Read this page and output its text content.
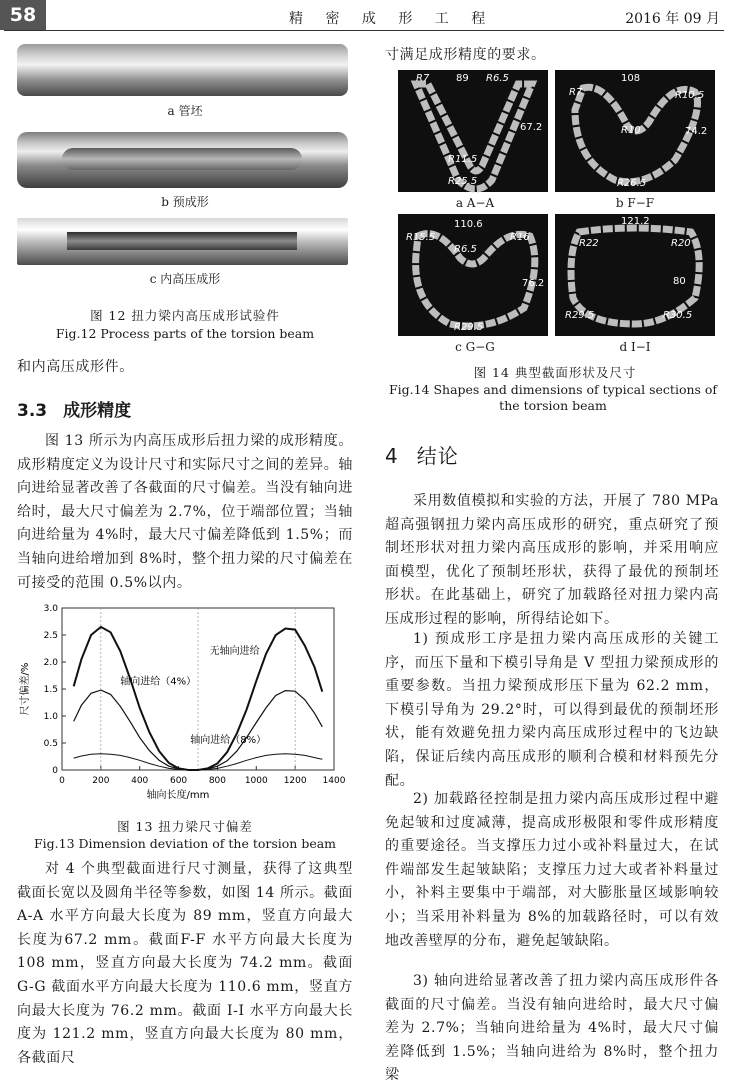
58	精 密 成 形 工 程	2016 年 09 月
a 管坯
b 预成形
c 内高压成形
图 12 扭力梁内高压成形试验件
Fig.12 Process parts of the torsion beam
和内高压成形件。
3.3 成形精度
图 13 所示为内高压成形后扭力梁的成形精度。成形精度定义为设计尺寸和实际尺寸之间的差异。轴向进给显著改善了各截面的尺寸偏差。当没有轴向进给时，最大尺寸偏差为 2.7%，位于端部位置；当轴向进给量为 4%时，最大尺寸偏差降低到 1.5%；而当轴向进给增加到 8%时，整个扭力梁的尺寸偏差在可接受的范围 0.5%以内。
0	200 400 600 800 1000 1200 1400
0
0.5
1.0
1.5
2.0
2.5
3.0
轴向长度/mm
尺寸偏差/%
无轴向进给
轴向进给（4%）
轴向进给（8%）
图 13 扭力梁尺寸偏差
Fig.13 Dimension deviation of the torsion beam
对 4 个典型截面进行尺寸测量，获得了这典型截面长宽以及圆角半径等参数，如图 14 所示。截面 A-A 水平方向最大长度为 89 mm，竖直方向最大长度为67.2 mm。截面F-F 水平方向最大长度为 108 mm，竖直方向最大长度为 74.2 mm。截面 G-G 截面水平方向最大长度为 110.6 mm，竖直方向最大长度为 76.2 mm。截面 I-I 水平方向最大长度为 121.2 mm，竖直方向最大长度为 80 mm，各截面尺
寸满足成形精度的要求。
R7	89 R6.5
67.2
R11.5
R25.5
a A−A
108
R7	R10.5
R10	74.2
R26.5
b F−F
110.6
R15.5	R16
R6.5
76.2
R29.5
c G−G
121.2
R22	R20
80
R29.5	R30.5
d I−I
图 14 典型截面形状及尺寸
Fig.14 Shapes and dimensions of typical sections of the torsion beam
4 结论
采用数值模拟和实验的方法，开展了 780 MPa 超高强钢扭力梁内高压成形的研究，重点研究了预制坯形状对扭力梁内高压成形的影响，并采用响应面模型，优化了预制坯形状，获得了最优的预制坯形状。在此基础上，研究了加载路径对扭力梁内高压成形过程的影响，所得结论如下。
1) 预成形工序是扭力梁内高压成形的关键工序，而压下量和下模引导角是 V 型扭力梁预成形的重要参数。当扭力梁预成形压下量为 62.2 mm，下模引导角为 29.2°时，可以得到最优的预制坯形状，能有效避免扭力梁内高压成形过程中的飞边缺陷，保证后续内高压成形的顺利合模和材料预先分配。
2) 加载路径控制是扭力梁内高压成形过程中避免起皱和过度减薄，提高成形极限和零件成形精度的重要途径。当支撑压力过小或补料量过大，在试件端部发生起皱缺陷；支撑压力过大或者补料量过小，补料主要集中于端部，对大膨胀量区域影响较小；当采用补料量为 8%的加载路径时，可以有效地改善壁厚的分布，避免起皱缺陷。
3) 轴向进给显著改善了扭力梁内高压成形件各截面的尺寸偏差。当没有轴向进给时，最大尺寸偏差为 2.7%；当轴向进给量为 4%时，最大尺寸偏差降低到 1.5%；当轴向进给为 8%时，整个扭力梁
